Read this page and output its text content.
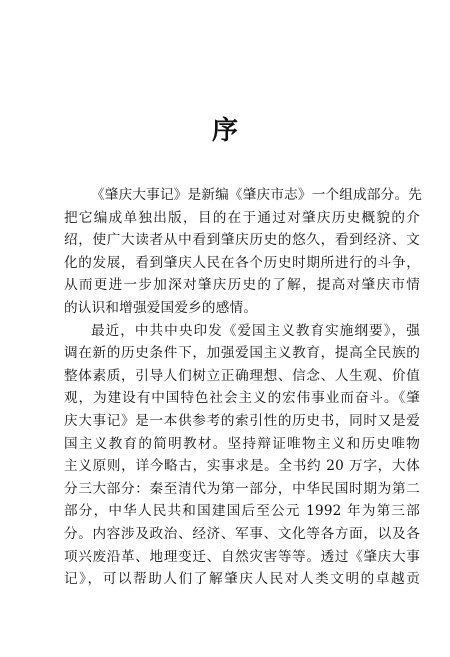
序
《肇庆大事记》是新编《肇庆市志》一个组成部分。先
把它编成单独出版，目的在于通过对肇庆历史概貌的介
绍，使广大读者从中看到肇庆历史的悠久，看到经济、文
化的发展，看到肇庆人民在各个历史时期所进行的斗争，
从而更进一步加深对肇庆历史的了解，提高对肇庆市情
的认识和增强爱国爱乡的感情。
最近，中共中央印发《爱国主义教育实施纲要》，强
调在新的历史条件下，加强爱国主义教育，提高全民族的
整体素质，引导人们树立正确理想、信念、人生观、价值
观，为建设有中国特色社会主义的宏伟事业而奋斗。《肇
庆大事记》是一本供参考的索引性的历史书，同时又是爱
国主义教育的简明教材。坚持辩证唯物主义和历史唯物
主义原则，详今略古，实事求是。全书约 20 万字，大体
分三大部分：秦至清代为第一部分，中华民国时期为第二
部分，中华人民共和国建国后至公元 1992 年为第三部
分。内容涉及政治、经济、军事、文化等各方面，以及各
项兴废沿革、地理变迁、自然灾害等等。透过《肇庆大事
记》，可以帮助人们了解肇庆人民对人类文明的卓越贡
